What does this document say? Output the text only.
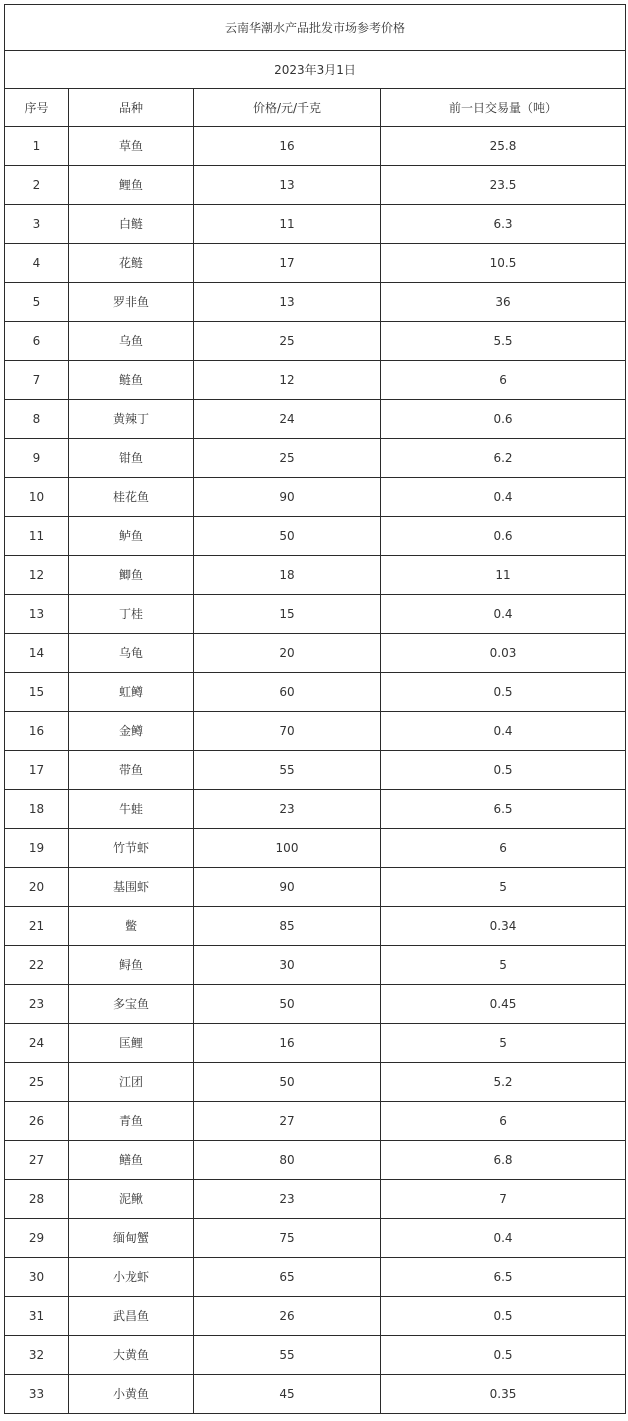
云南华潮水产品批发市场参考价格			
2023年3月1日			
序号	品种	价格/元/千克	前一日交易量（吨）
1	草鱼	16	25.8
2	鲤鱼	13	23.5
3	白鲢	11	6.3
4	花鲢	17	10.5
5	罗非鱼	13	36
6	乌鱼	25	5.5
7	鲢鱼	12	6
8	黄辣丁	24	0.6
9	钳鱼	25	6.2
10	桂花鱼	90	0.4
11	鲈鱼	50	0.6
12	鲫鱼	18	11
13	丁桂	15	0.4
14	乌龟	20	0.03
15	虹鳟	60	0.5
16	金鳟	70	0.4
17	带鱼	55	0.5
18	牛蛙	23	6.5
19	竹节虾	100	6
20	基围虾	90	5
21	鳖	85	0.34
22	鲟鱼	30	5
23	多宝鱼	50	0.45
24	匡鲤	16	5
25	江团	50	5.2
26	青鱼	27	6
27	鳝鱼	80	6.8
28	泥鳅	23	7
29	缅甸蟹	75	0.4
30	小龙虾	65	6.5
31	武昌鱼	26	0.5
32	大黄鱼	55	0.5
33	小黄鱼	45	0.35
